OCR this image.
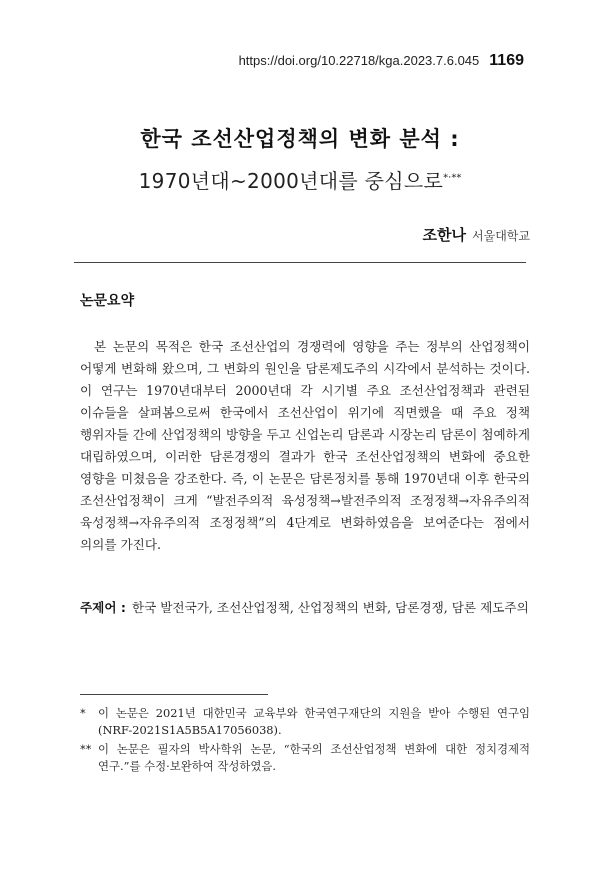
https://doi.org/10.22718/kga.2023.7.6.045 1169
한국 조선산업정책의 변화 분석 :
1970년대~2000년대를 중심으로*·**
조한나 서울대학교
논문요약

본 논문의 목적은 한국 조선산업의 경쟁력에 영향을 주는 정부의 산업정책이 어떻게 변화해 왔으며, 그 변화의 원인을 담론제도주의 시각에서 분석하는 것이다. 이 연구는 1970년대부터 2000년대 각 시기별 주요 조선산업정책과 관련된 이슈들을 살펴봄으로써 한국에서 조선산업이 위기에 직면했을 때 주요 정책 행위자들 간에 산업정책의 방향을 두고 신업논리 담론과 시장논리 담론이 첨예하게 대립하였으며, 이러한 담론경쟁의 결과가 한국 조선산업정책의 변화에 중요한 영향을 미쳤음을 강조한다. 즉, 이 논문은 담론정치를 통해 1970년대 이후 한국의 조선산업정책이 크게 “발전주의적 육성정책→발전주의적 조정정책→자유주의적 육성정책→자유주의적 조정정책”의 4단계로 변화하였음을 보여준다는 점에서 의의를 가진다.

주제어 : 한국 발전국가, 조선산업정책, 산업정책의 변화, 담론경쟁, 담론 제도주의
*	이 논문은 2021년 대한민국 교육부와 한국연구재단의 지원을 받아 수행된 연구임(NRF-2021S1A5B5A17056038).
** 이 논문은 필자의 박사학위 논문, “한국의 조선산업정책 변화에 대한 정치경제적 연구.”를 수정·보완하여 작성하였음.
